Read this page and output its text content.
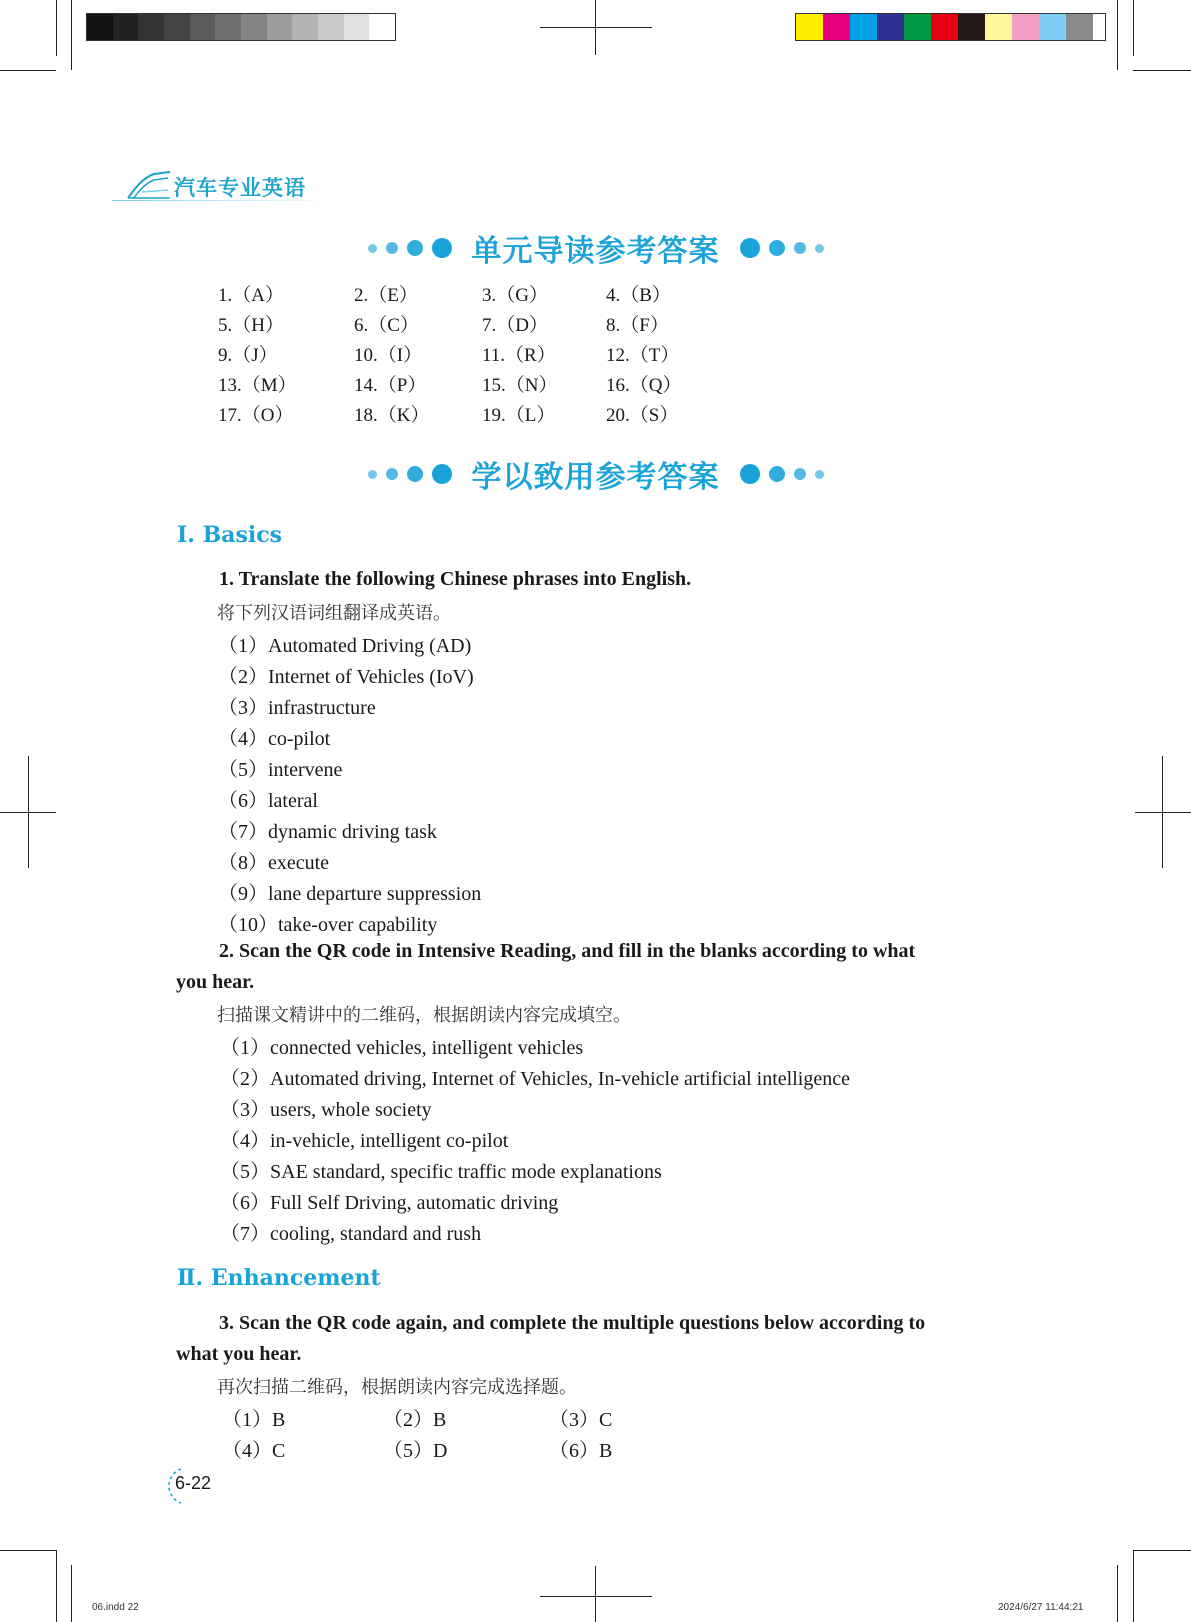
汽车专业英语
单元导读参考答案
1.（A）	2.（E）	3.（G）	4.（B）
5.（H）	6.（C）	7.（D）	8.（F）
9.（J）	10.（I）	11.（R）	12.（T）
13.（M）	14.（P）	15.（N）	16.（Q）
17.（O）	18.（K）	19.（L）	20.（S）
学以致用参考答案
Ⅰ. Basics
1. Translate the following Chinese phrases into English.
将下列汉语词组翻译成英语。
（1）Automated Driving (AD)
（2）Internet of Vehicles (IoV)
（3）infrastructure
（4）co-pilot
（5）intervene
（6）lateral
（7）dynamic driving task
（8）execute
（9）lane departure suppression
（10）take-over capability
2. Scan the QR code in Intensive Reading, and fill in the blanks according to what
you hear.
扫描课文精讲中的二维码，根据朗读内容完成填空。
（1）connected vehicles, intelligent vehicles
（2）Automated driving, Internet of Vehicles, In-vehicle artificial intelligence
（3）users, whole society
（4）in-vehicle, intelligent co-pilot
（5）SAE standard, specific traffic mode explanations
（6）Full Self Driving, automatic driving
（7）cooling, standard and rush
Ⅱ. Enhancement
3. Scan the QR code again, and complete the multiple questions below according to
what you hear.
再次扫描二维码，根据朗读内容完成选择题。
（1）B	（2）B	（3）C
（4）C	（5）D	（6）B
6-22
06.indd 22	2024/6/27 11:44:21
